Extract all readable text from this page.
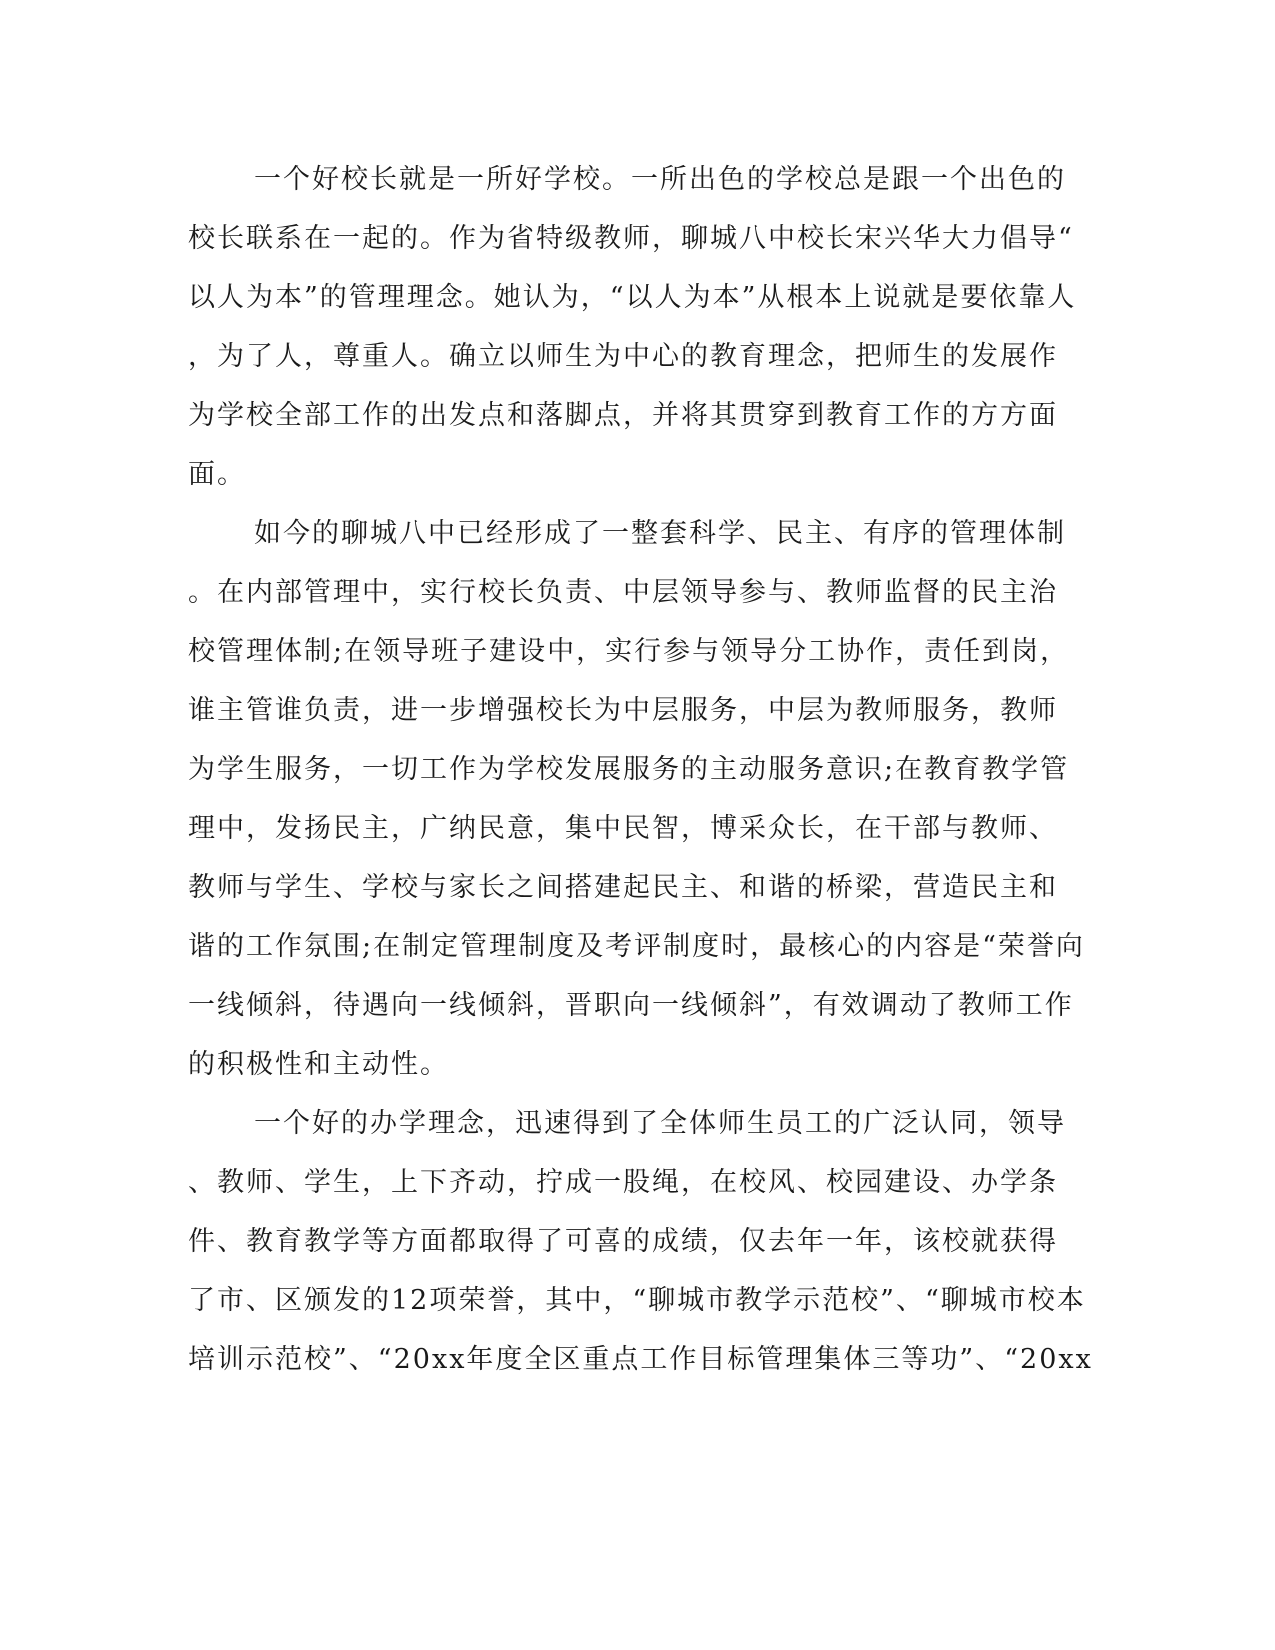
一个好校长就是一所好学校。一所出色的学校总是跟一个出色的
校长联系在一起的。作为省特级教师，聊城八中校长宋兴华大力倡导“
以人为本”的管理理念。她认为，“以人为本”从根本上说就是要依靠人
，为了人，尊重人。确立以师生为中心的教育理念，把师生的发展作
为学校全部工作的出发点和落脚点，并将其贯穿到教育工作的方方面
面。
如今的聊城八中已经形成了一整套科学、民主、有序的管理体制
。在内部管理中，实行校长负责、中层领导参与、教师监督的民主治
校管理体制;在领导班子建设中，实行参与领导分工协作，责任到岗，
谁主管谁负责，进一步增强校长为中层服务，中层为教师服务，教师
为学生服务，一切工作为学校发展服务的主动服务意识;在教育教学管
理中，发扬民主，广纳民意，集中民智，博采众长，在干部与教师、
教师与学生、学校与家长之间搭建起民主、和谐的桥梁，营造民主和
谐的工作氛围;在制定管理制度及考评制度时，最核心的内容是“荣誉向
一线倾斜，待遇向一线倾斜，晋职向一线倾斜”，有效调动了教师工作
的积极性和主动性。
一个好的办学理念，迅速得到了全体师生员工的广泛认同，领导
、教师、学生，上下齐动，拧成一股绳，在校风、校园建设、办学条
件、教育教学等方面都取得了可喜的成绩，仅去年一年，该校就获得
了市、区颁发的12项荣誉，其中，“聊城市教学示范校”、“聊城市校本
培训示范校”、“20xx年度全区重点工作目标管理集体三等功”、“20xx
